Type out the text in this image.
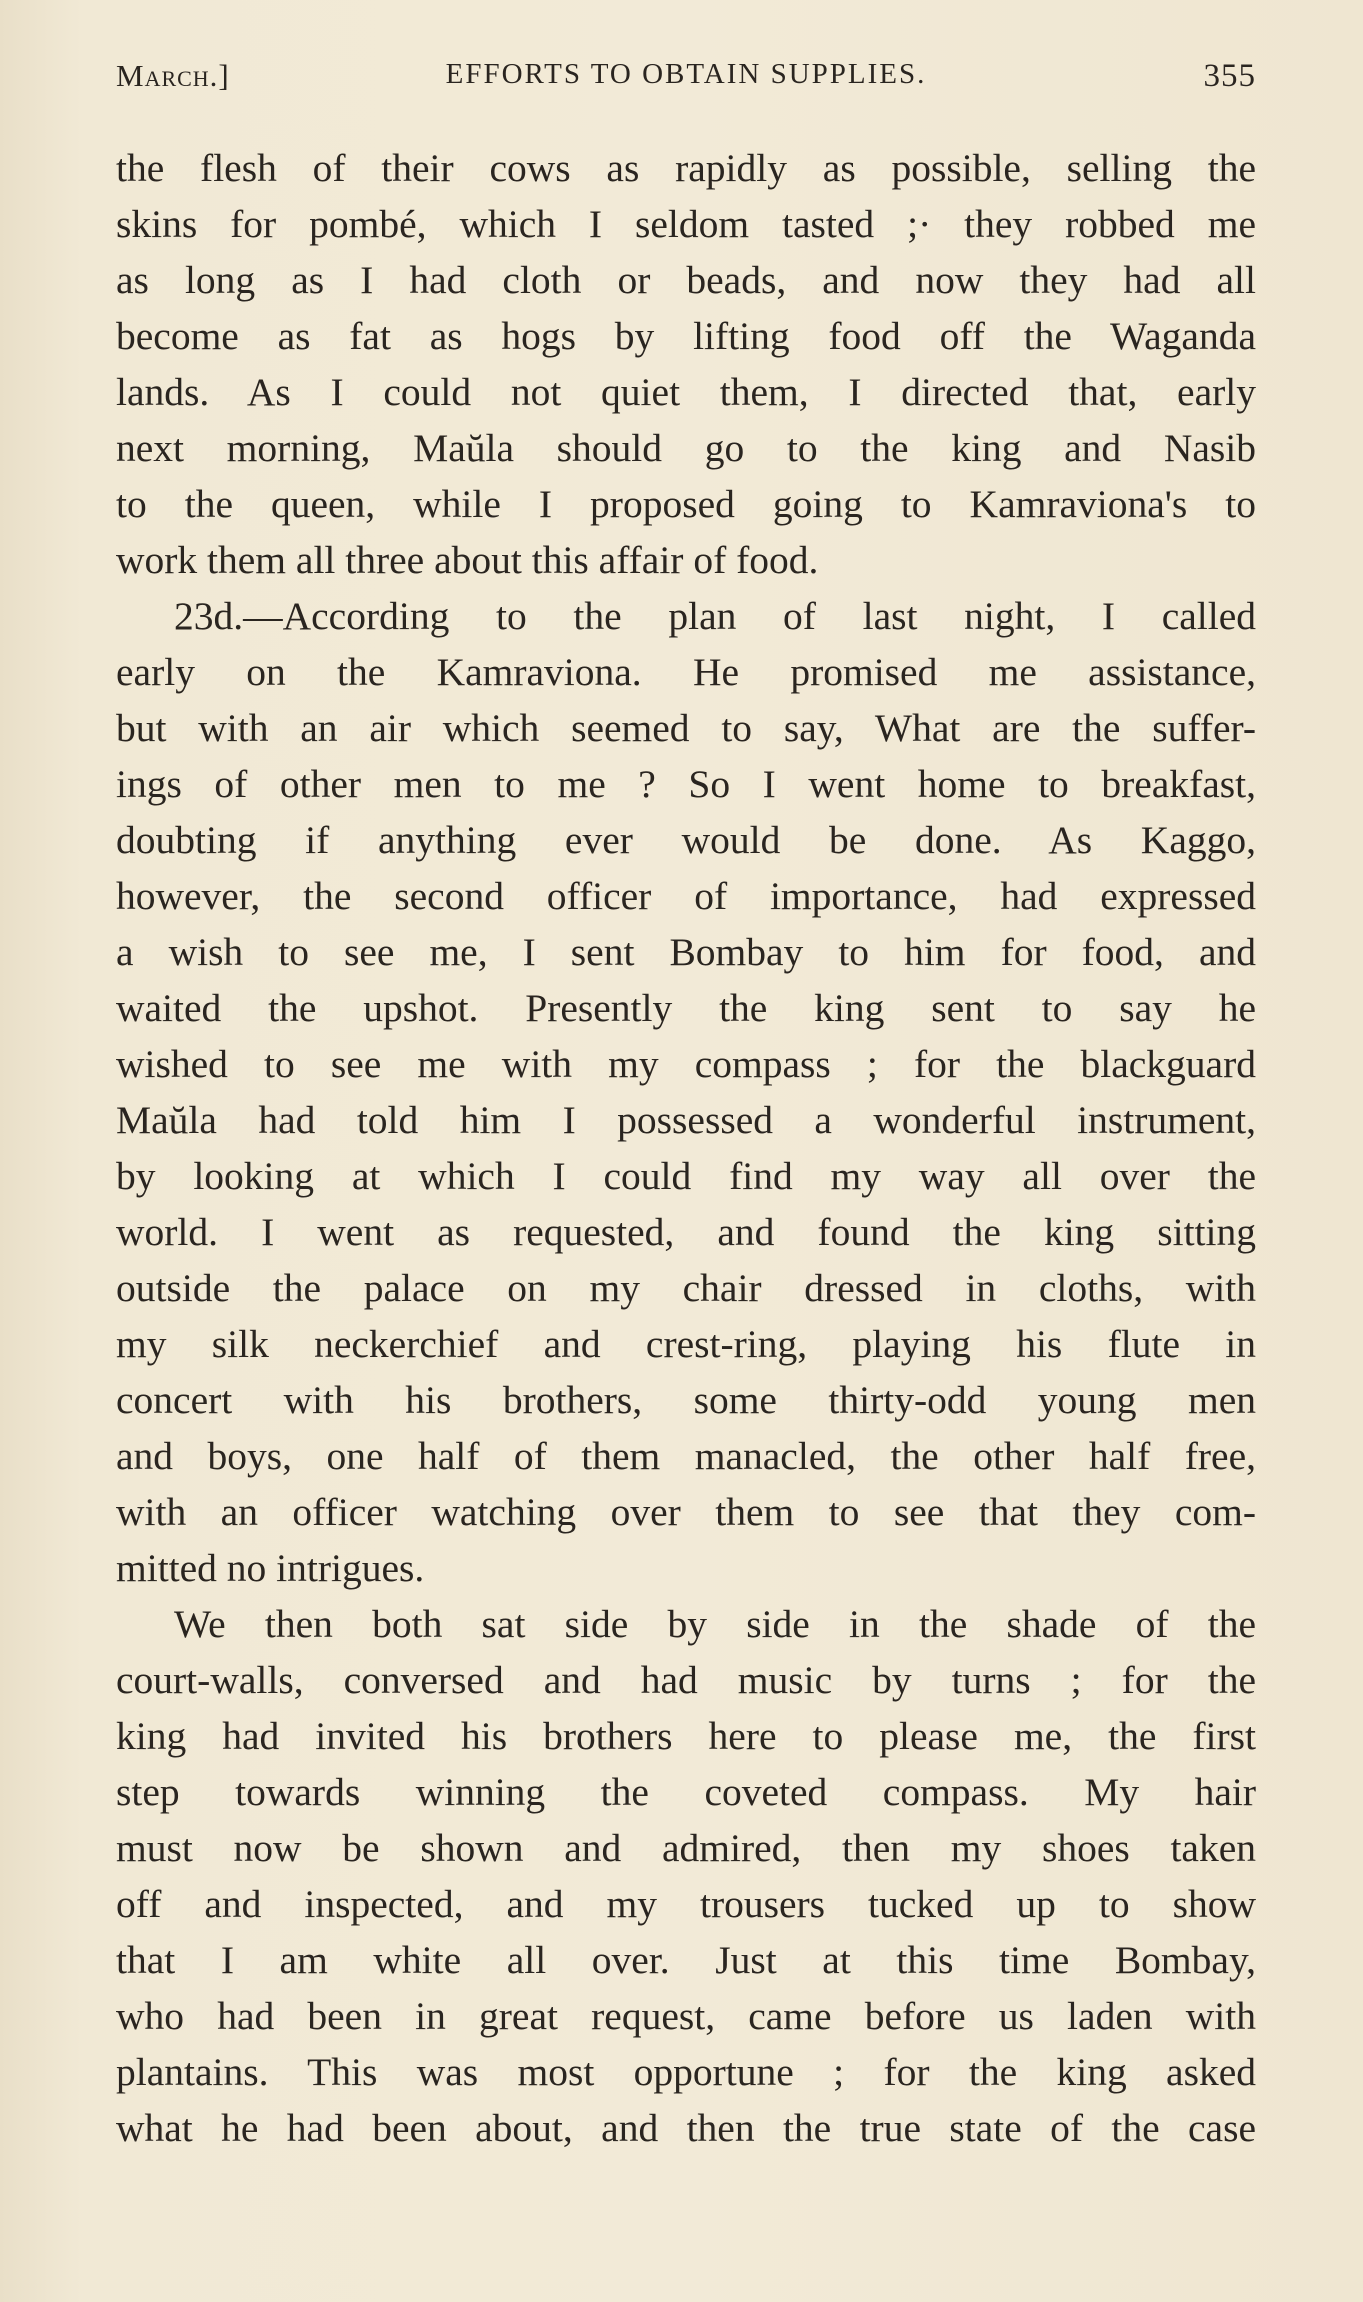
March.]	EFFORTS TO OBTAIN SUPPLIES.	355
the flesh of their cows as rapidly as possible, selling the
skins for pombé, which I seldom tasted ;· they robbed me
as long as I had cloth or beads, and now they had all
become as fat as hogs by lifting food off the Waganda
lands. As I could not quiet them, I directed that, early
next morning, Maŭla should go to the king and Nasib
to the queen, while I proposed going to Kamraviona's to
work them all three about this affair of food.
23d.—According to the plan of last night, I called
early on the Kamraviona. He promised me assistance,
but with an air which seemed to say, What are the suffer-
ings of other men to me ? So I went home to breakfast,
doubting if anything ever would be done. As Kaggo,
however, the second officer of importance, had expressed
a wish to see me, I sent Bombay to him for food, and
waited the upshot. Presently the king sent to say he
wished to see me with my compass ; for the blackguard
Maŭla had told him I possessed a wonderful instrument,
by looking at which I could find my way all over the
world. I went as requested, and found the king sitting
outside the palace on my chair dressed in cloths, with
my silk neckerchief and crest-ring, playing his flute in
concert with his brothers, some thirty-odd young men
and boys, one half of them manacled, the other half free,
with an officer watching over them to see that they com-
mitted no intrigues.
We then both sat side by side in the shade of the
court-walls, conversed and had music by turns ; for the
king had invited his brothers here to please me, the first
step towards winning the coveted compass. My hair
must now be shown and admired, then my shoes taken
off and inspected, and my trousers tucked up to show
that I am white all over. Just at this time Bombay,
who had been in great request, came before us laden with
plantains. This was most opportune ; for the king asked
what he had been about, and then the true state of the case
